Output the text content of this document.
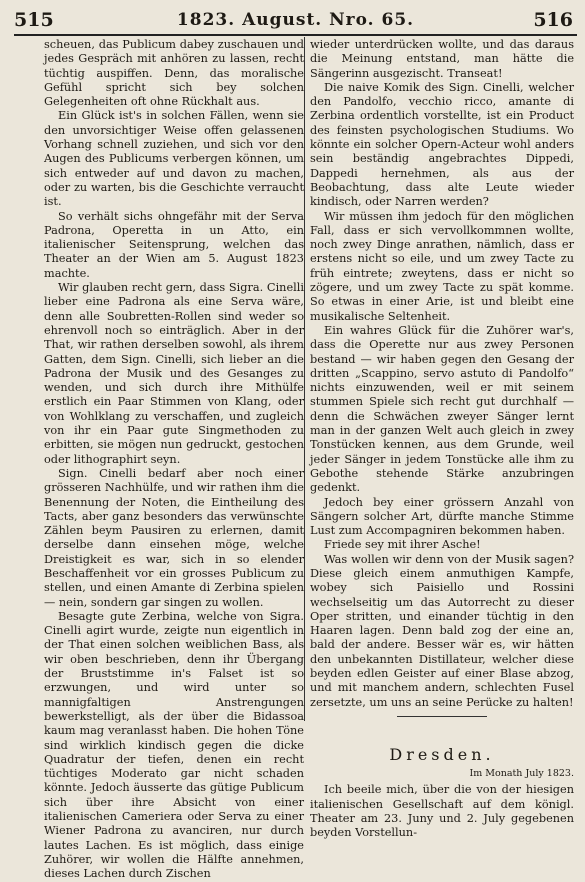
515	1823. August. Nro. 65.	516

scheuen, das Publicum dabey zuschauen und jedes Gespräch mit anhören zu lassen, recht tüchtig auspiffen. Denn, das moralische Gefühl spricht sich bey solchen Gelegenheiten oft ohne Rückhalt aus.

Ein Glück ist's in solchen Fällen, wenn sie den unvorsichtiger Weise offen gelassenen Vorhang schnell zuziehen, und sich vor den Augen des Publicums verbergen können, um sich entweder auf und davon zu machen, oder zu warten, bis die Geschichte verraucht ist.

So verhält sichs ohngefähr mit der Serva Padrona, Operetta in un Atto, ein italienischer Seitensprung, welchen das Theater an der Wien am 5. August 1823 machte.

Wir glauben recht gern, dass Sigra. Cinelli lieber eine Padrona als eine Serva wäre, denn alle Soubretten-Rollen sind weder so ehrenvoll noch so einträglich. Aber in der That, wir rathen derselben sowohl, als ihrem Gatten, dem Sign. Cinelli, sich lieber an die Padrona der Musik und des Gesanges zu wenden, und sich durch ihre Mithülfe erstlich ein Paar Stimmen von Klang, oder von Wohlklang zu verschaffen, und zugleich von ihr ein Paar gute Singmethoden zu erbitten, sie mögen nun gedruckt, gestochen oder lithographirt seyn.

Sign. Cinelli bedarf aber noch einer grösseren Nachhülfe, und wir rathen ihm die Benennung der Noten, die Eintheilung des Tacts, aber ganz besonders das verwünschte Zählen beym Pausiren zu erlernen, damit derselbe dann einsehen möge, welche Dreistigkeit es war, sich in so elender Beschaffenheit vor ein grosses Publicum zu stellen, und einen Amante di Zerbina spielen — nein, sondern gar singen zu wollen.

Besagte gute Zerbina, welche von Sigra. Cinelli agirt wurde, zeigte nun eigentlich in der That einen solchen weiblichen Bass, als wir oben beschrieben, denn ihr Übergang der Bruststimme in's Falset ist so erzwungen, und wird unter so mannigfaltigen Anstrengungen bewerkstelligt, als der über die Bidassoa kaum mag veranlasst haben. Die hohen Töne sind wirklich kindisch gegen die dicke Quadratur der tiefen, denen ein recht tüchtiges Moderato gar nicht schaden könnte. Jedoch äusserte das gütige Publicum sich über ihre Absicht von einer italienischen Cameriera oder Serva zu einer Wiener Padrona zu avanciren, nur durch lautes Lachen. Es ist möglich, dass einige Zuhörer, wir wollen die Hälfte annehmen, dieses Lachen durch Zischen

wieder unterdrücken wollte, und das daraus die Meinung entstand, man hätte die Sängerinn ausgezischt. Transeat!

Die naive Komik des Sign. Cinelli, welcher den Pandolfo, vecchio ricco, amante di Zerbina ordentlich vorstellte, ist ein Product des feinsten psychologischen Studiums. Wo könnte ein solcher Opern-Acteur wohl anders sein beständig angebrachtes Dippedi, Dappedi hernehmen, als aus der Beobachtung, dass alte Leute wieder kindisch, oder Narren werden?

Wir müssen ihm jedoch für den möglichen Fall, dass er sich vervollkommnen wollte, noch zwey Dinge anrathen, nämlich, dass er erstens nicht so eile, und um zwey Tacte zu früh eintrete; zweytens, dass er nicht so zögere, und um zwey Tacte zu spät komme. So etwas in einer Arie, ist und bleibt eine musikalische Seltenheit.

Ein wahres Glück für die Zuhörer war's, dass die Operette nur aus zwey Personen bestand — wir haben gegen den Gesang der dritten „Scappino, servo astuto di Pandolfo“ nichts einzuwenden, weil er mit seinem stummen Spiele sich recht gut durchhalf — denn die Schwächen zweyer Sänger lernt man in der ganzen Welt auch gleich in zwey Tonstücken kennen, aus dem Grunde, weil jeder Sänger in jedem Tonstücke alle ihm zu Gebothe stehende Stärke anzubringen gedenkt.

Jedoch bey einer grössern Anzahl von Sängern solcher Art, dürfte manche Stimme Lust zum Accompagniren bekommen haben.

Friede sey mit ihrer Asche!

Was wollen wir denn von der Musik sagen? Diese gleich einem anmuthigen Kampfe, wobey sich Paisiello und Rossini wechselseitig um das Autorrecht zu dieser Oper stritten, und einander tüchtig in den Haaren lagen. Denn bald zog der eine an, bald der andere. Besser wär es, wir hätten den unbekannten Distillateur, welcher diese beyden edlen Geister auf einer Blase abzog, und mit manchem andern, schlechten Fusel zersetzte, um uns an seine Perücke zu halten!

Dresden.

Im Monath July 1823.

Ich beeile mich, über die von der hiesigen italienischen Gesellschaft auf dem königl. Theater am 23. Juny und 2. July gegebenen beyden Vorstellun-
